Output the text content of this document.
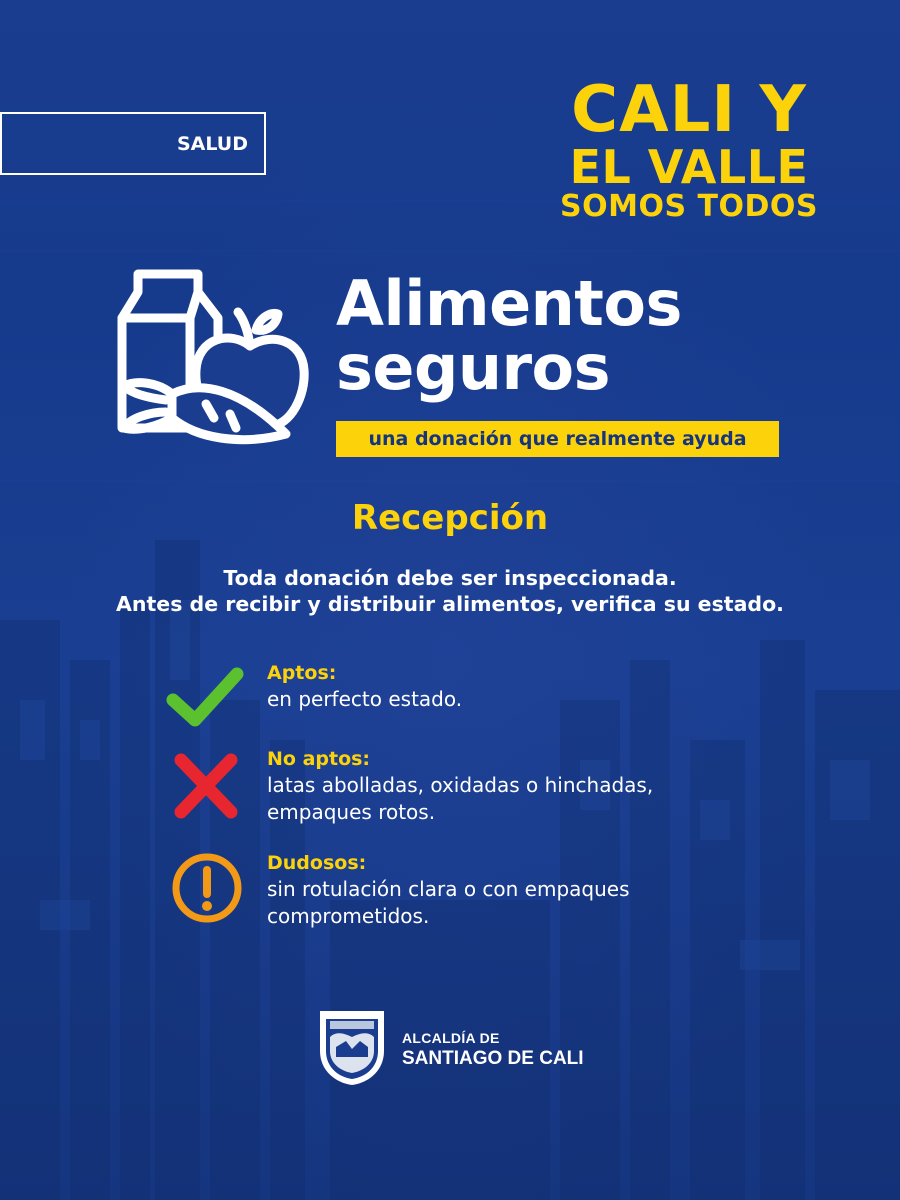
SALUD	CALI Y
EL VALLE
SOMOS TODOS
Alimentos
seguros
una donación que realmente ayuda
Recepción
Toda donación debe ser inspeccionada.
Antes de recibir y distribuir alimentos, verifica su estado.
Aptos:
en perfecto estado.
No aptos:
latas abolladas, oxidadas o hinchadas,
empaques rotos.
Dudosos:
sin rotulación clara o con empaques
comprometidos.
ALCALDÍA DE
SANTIAGO DE CALI
